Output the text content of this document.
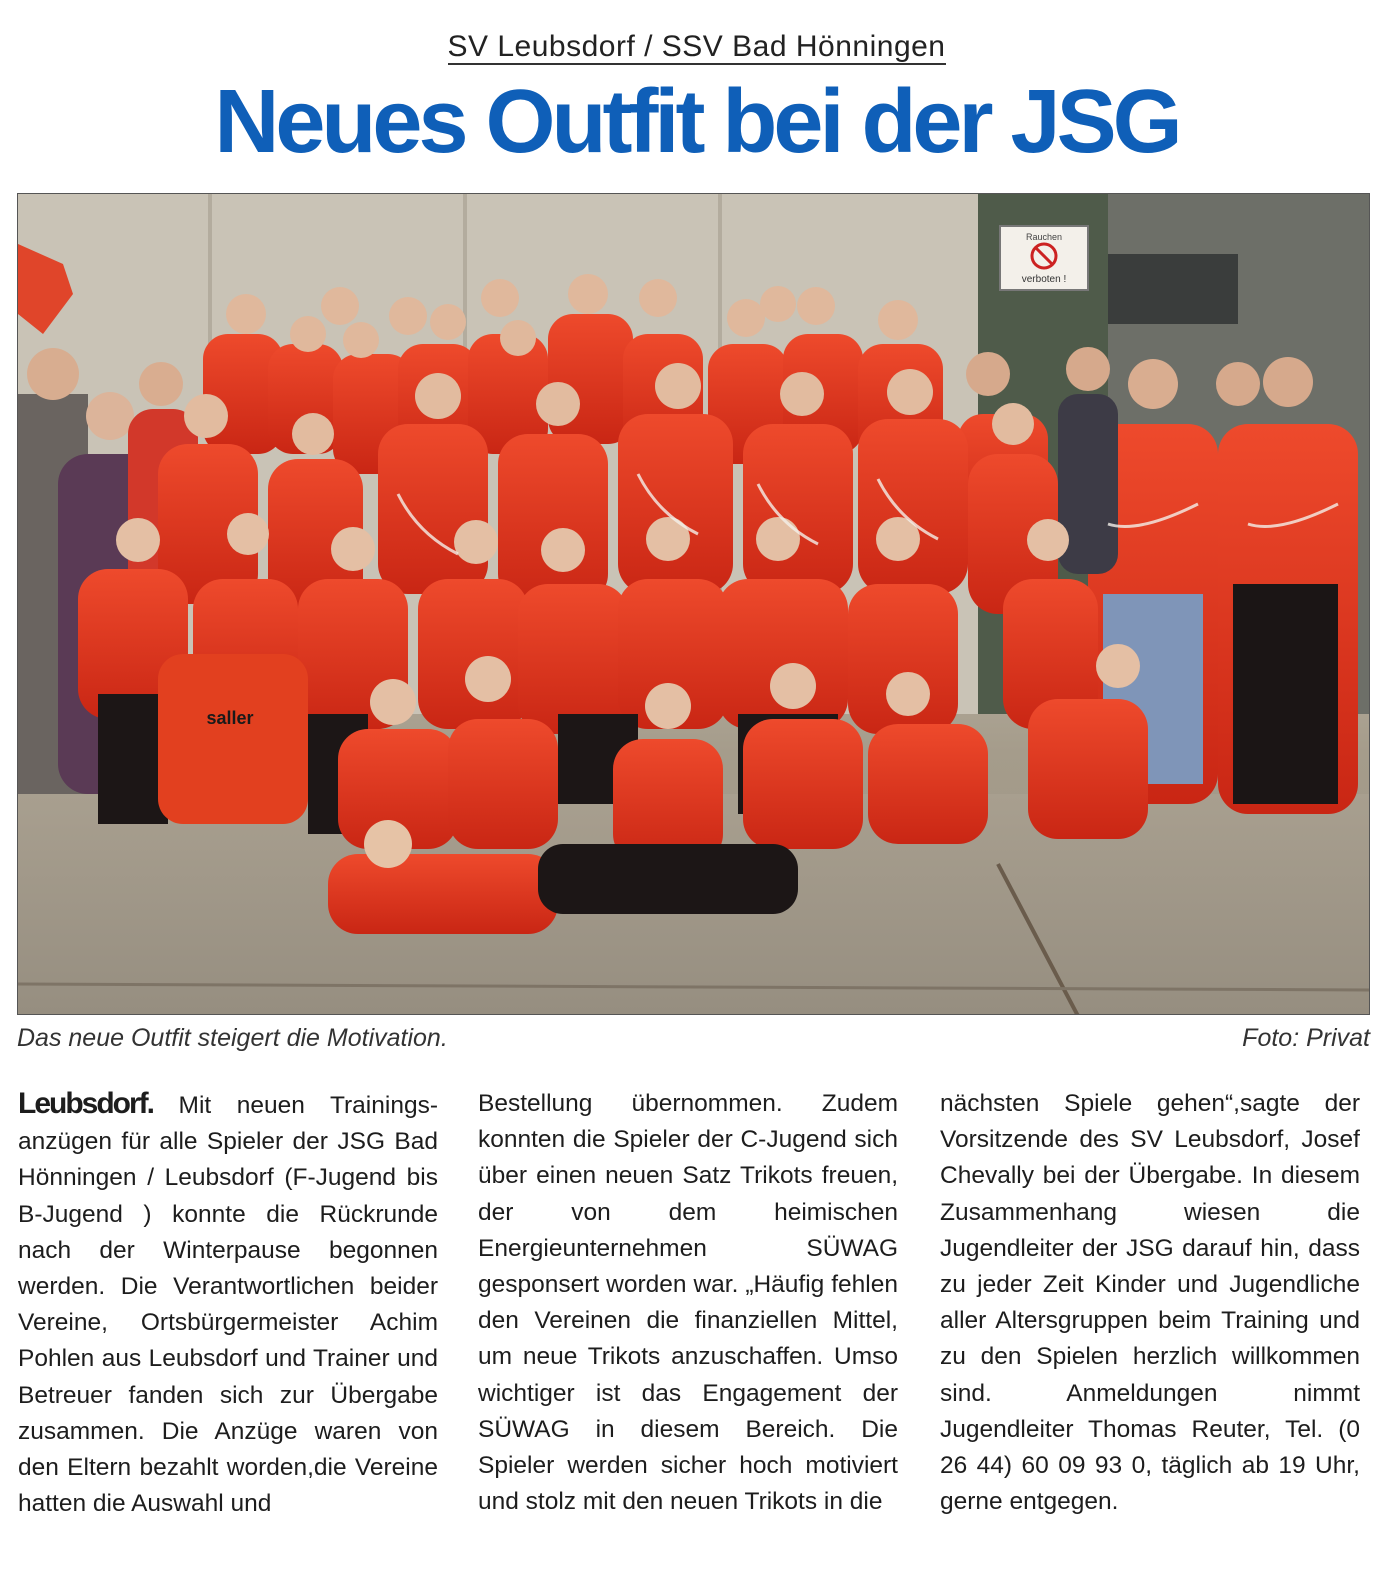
SV Leubsdorf / SSV Bad Hönningen
Neues Outfit bei der JSG
Rauchen
verboten !
saller
Das neue Outfit steigert die Motivation.	Foto: Privat
Leubsdorf. Mit neuen Trainingsanzügen für alle Spieler der JSG Bad Hönningen / Leubsdorf (F-Jugend bis B-Jugend ) konnte die Rückrunde nach der Winterpause begonnen werden. Die Verantwortlichen beider Vereine, Ortsbürgermeister Achim Pohlen aus Leubsdorf und Trainer und Betreuer fanden sich zur Übergabe zusammen. Die Anzüge waren von den Eltern bezahlt worden,die Vereine hatten die Auswahl und
Bestellung übernommen. Zudem konnten die Spieler der C-Jugend sich über einen neuen Satz Trikots freuen, der von dem heimischen Energieunternehmen SÜWAG gesponsert worden war. „Häufig fehlen den Vereinen die finanziellen Mittel, um neue Trikots anzuschaffen. Umso wichtiger ist das Engagement der SÜWAG in diesem Bereich. Die Spieler werden sicher hoch motiviert und stolz mit den neuen Trikots in die
nächsten Spiele gehen“,sagte der Vorsitzende des SV Leubsdorf, Josef Chevally bei der Übergabe. In diesem Zusammenhang wiesen die Jugendleiter der JSG darauf hin, dass zu jeder Zeit Kinder und Jugendliche aller Altersgruppen beim Training und zu den Spielen herzlich willkommen sind. Anmeldungen nimmt Jugendleiter Thomas Reuter, Tel. (0 26 44) 60 09 93 0, täglich ab 19 Uhr, gerne entgegen.
